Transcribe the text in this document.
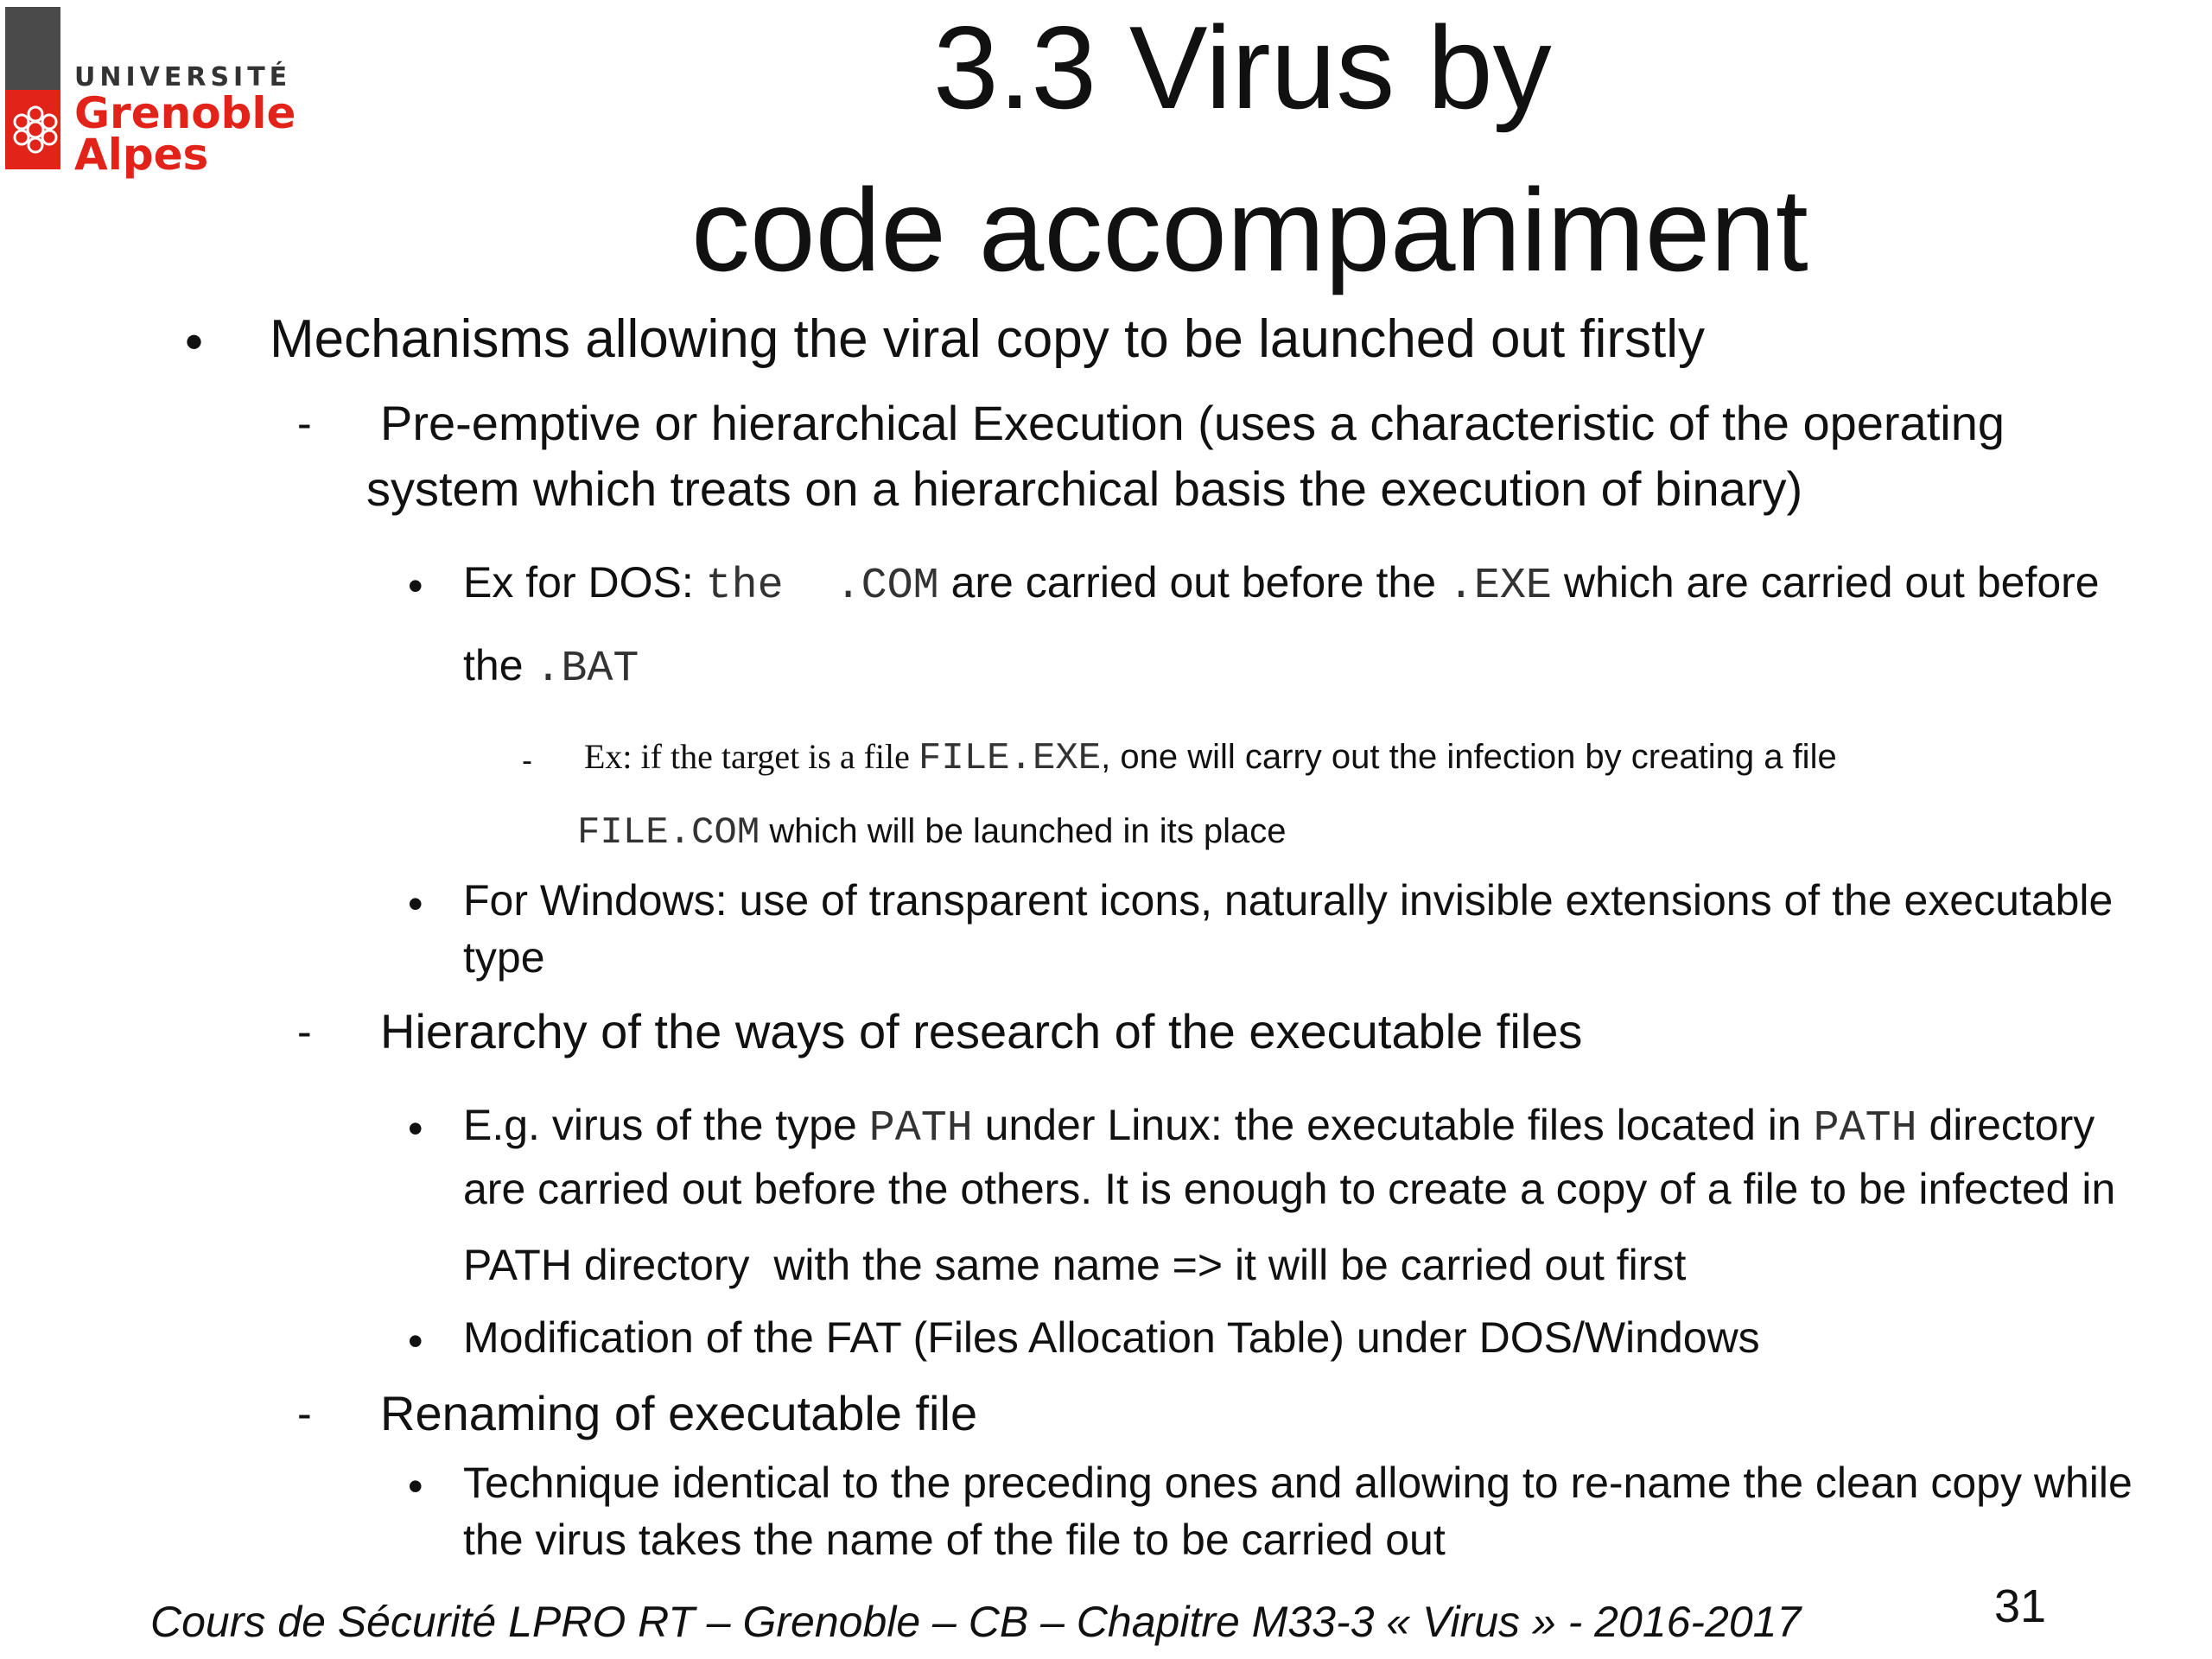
UNIVERSITÉ
Grenoble
Alpes
3.3 Virus by
code accompaniment
• Mechanisms allowing the viral copy to be launched out firstly
- Pre-emptive or hierarchical Execution (uses a characteristic of the operating
system which treats on a hierarchical basis the execution of binary)
• Ex for DOS: the  .COM are carried out before the .EXE which are carried out before
the .BAT
- Ex: if the target is a file FILE.EXE, one will carry out the infection by creating a file
FILE.COM which will be launched in its place
• For Windows: use of transparent icons, naturally invisible extensions of the executable
type
- Hierarchy of the ways of research of the executable files
• E.g. virus of the type PATH under Linux: the executable files located in PATH directory
are carried out before the others. It is enough to create a copy of a file to be infected in
PATH directory  with the same name => it will be carried out first
• Modification of the FAT (Files Allocation Table) under DOS/Windows
- Renaming of executable file
• Technique identical to the preceding ones and allowing to re-name the clean copy while
the virus takes the name of the file to be carried out
Cours de Sécurité LPRO RT – Grenoble – CB – Chapitre M33-3 « Virus » - 2016-2017	31
